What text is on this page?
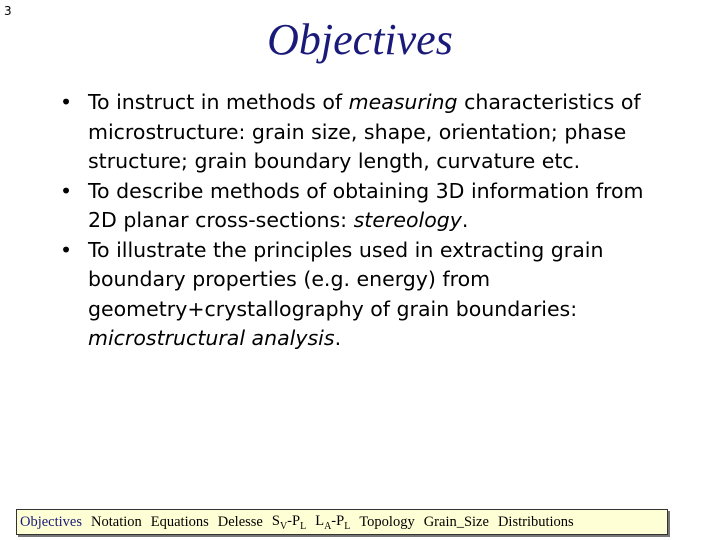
3
Objectives
• To instruct in methods of measuring characteristics of microstructure: grain size, shape, orientation; phase structure; grain boundary length, curvature etc.
• To describe methods of obtaining 3D information from 2D planar cross-sections: stereology.
• To illustrate the principles used in extracting grain boundary properties (e.g. energy) from geometry+crystallography of grain boundaries: microstructural analysis.
Objectives Notation Equations Delesse $S_V-P_L$ $L_A-P_L$ Topology Grain_Size Distributions
